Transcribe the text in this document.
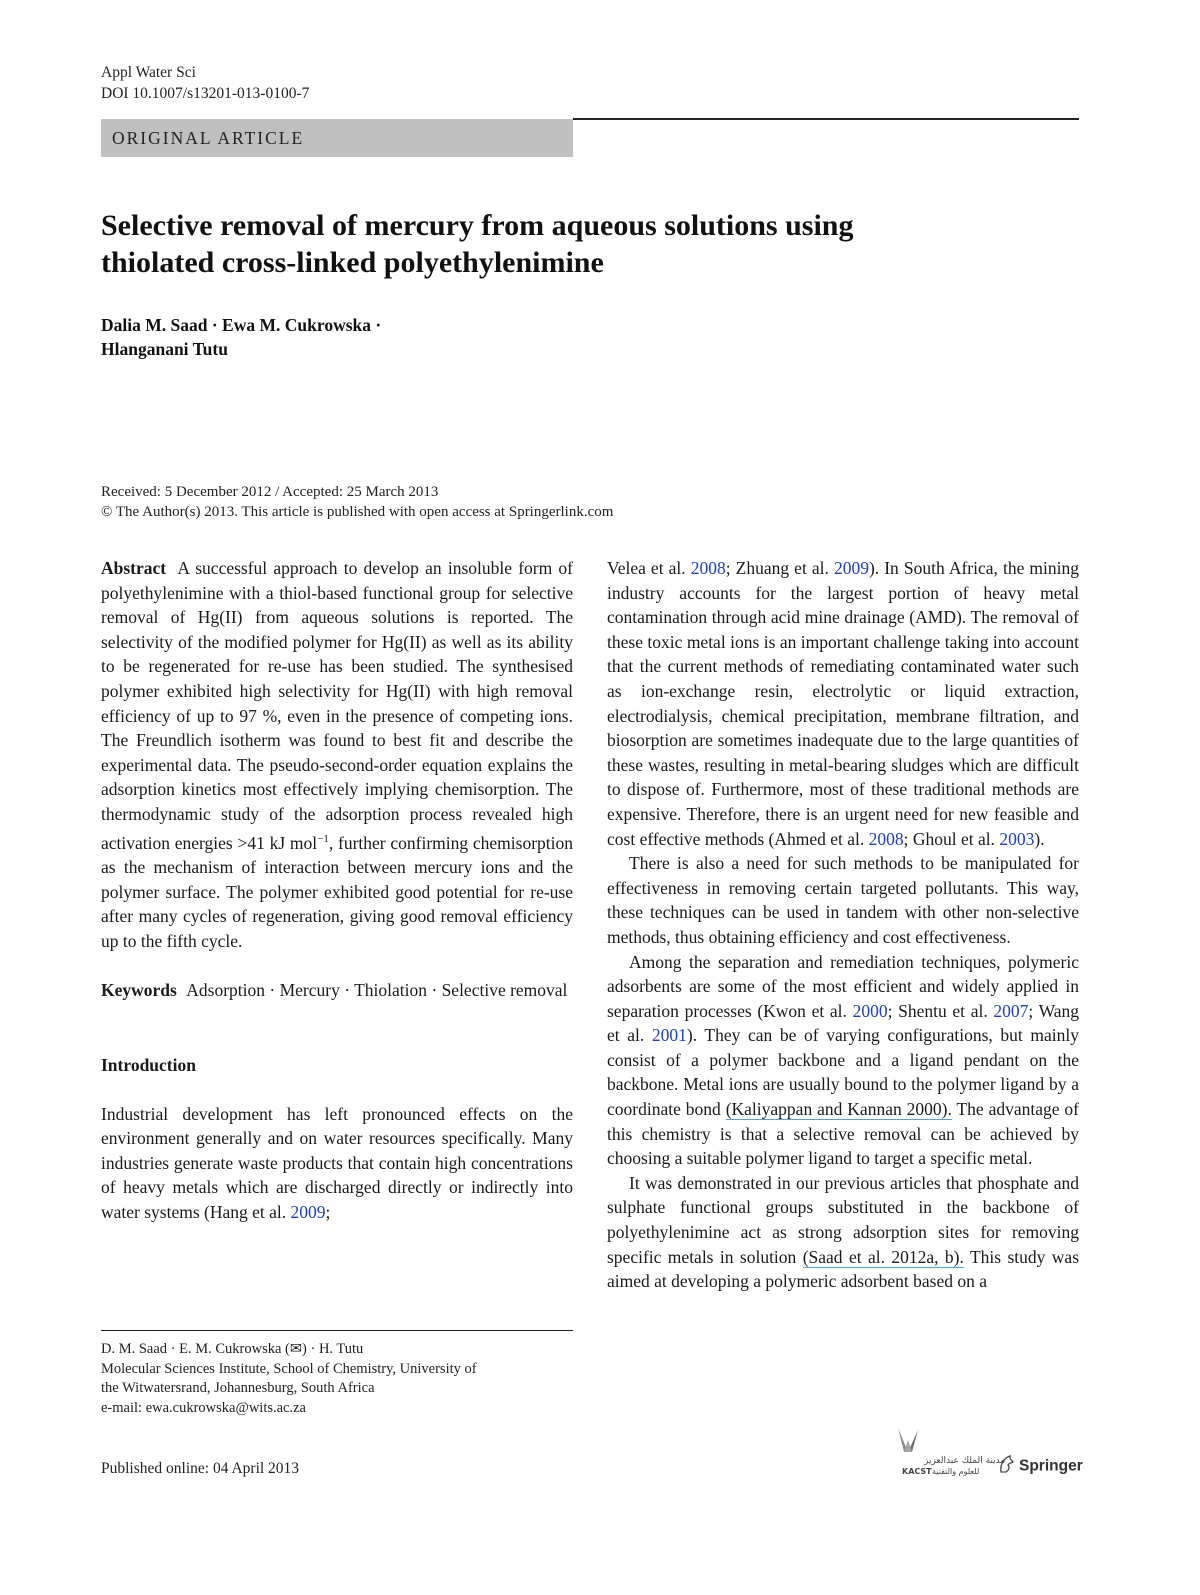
Appl Water Sci
DOI 10.1007/s13201-013-0100-7
ORIGINAL ARTICLE
Selective removal of mercury from aqueous solutions using
thiolated cross-linked polyethylenimine
Dalia M. Saad · Ewa M. Cukrowska ·
Hlanganani Tutu
Received: 5 December 2012 / Accepted: 25 March 2013
© The Author(s) 2013. This article is published with open access at Springerlink.com

Abstract A successful approach to develop an insoluble form of polyethylenimine with a thiol-based functional group for selective removal of Hg(II) from aqueous solutions is reported. The selectivity of the modified polymer for Hg(II) as well as its ability to be regenerated for re-use has been studied. The synthesised polymer exhibited high selectivity for Hg(II) with high removal efficiency of up to 97 %, even in the presence of competing ions. The Freundlich isotherm was found to best fit and describe the experimental data. The pseudo-second-order equation explains the adsorption kinetics most effectively implying chemisorption. The thermodynamic study of the adsorption process revealed high activation energies >41 kJ mol$^{-1}$, further confirming chemisorption as the mechanism of interaction between mercury ions and the polymer surface. The polymer exhibited good potential for re-use after many cycles of regeneration, giving good removal efficiency up to the fifth cycle.

Keywords Adsorption · Mercury · Thiolation · Selective removal

Introduction

Industrial development has left pronounced effects on the environment generally and on water resources specifically. Many industries generate waste products that contain high concentrations of heavy metals which are discharged directly or indirectly into water systems (Hang et al. 2009;

Velea et al. 2008; Zhuang et al. 2009). In South Africa, the mining industry accounts for the largest portion of heavy metal contamination through acid mine drainage (AMD). The removal of these toxic metal ions is an important challenge taking into account that the current methods of remediating contaminated water such as ion-exchange resin, electrolytic or liquid extraction, electrodialysis, chemical precipitation, membrane filtration, and biosorption are sometimes inadequate due to the large quantities of these wastes, resulting in metal-bearing sludges which are difficult to dispose of. Furthermore, most of these traditional methods are expensive. Therefore, there is an urgent need for new feasible and cost effective methods (Ahmed et al. 2008; Ghoul et al. 2003).

There is also a need for such methods to be manipulated for effectiveness in removing certain targeted pollutants. This way, these techniques can be used in tandem with other non-selective methods, thus obtaining efficiency and cost effectiveness.

Among the separation and remediation techniques, polymeric adsorbents are some of the most efficient and widely applied in separation processes (Kwon et al. 2000; Shentu et al. 2007; Wang et al. 2001). They can be of varying configurations, but mainly consist of a polymer backbone and a ligand pendant on the backbone. Metal ions are usually bound to the polymer ligand by a coordinate bond (Kaliyappan and Kannan 2000). The advantage of this chemistry is that a selective removal can be achieved by choosing a suitable polymer ligand to target a specific metal.

It was demonstrated in our previous articles that phosphate and sulphate functional groups substituted in the backbone of polyethylenimine act as strong adsorption sites for removing specific metals in solution (Saad et al. 2012a, b). This study was aimed at developing a polymeric adsorbent based on a

D. M. Saad · E. M. Cukrowska (✉) · H. Tutu
Molecular Sciences Institute, School of Chemistry, University of
the Witwatersrand, Johannesburg, South Africa
e-mail: ewa.cukrowska@wits.ac.za
Published online: 04 April 2013	مدينة الملك عبدالعزيز
KACST للعلوم والتقنية	Springer
